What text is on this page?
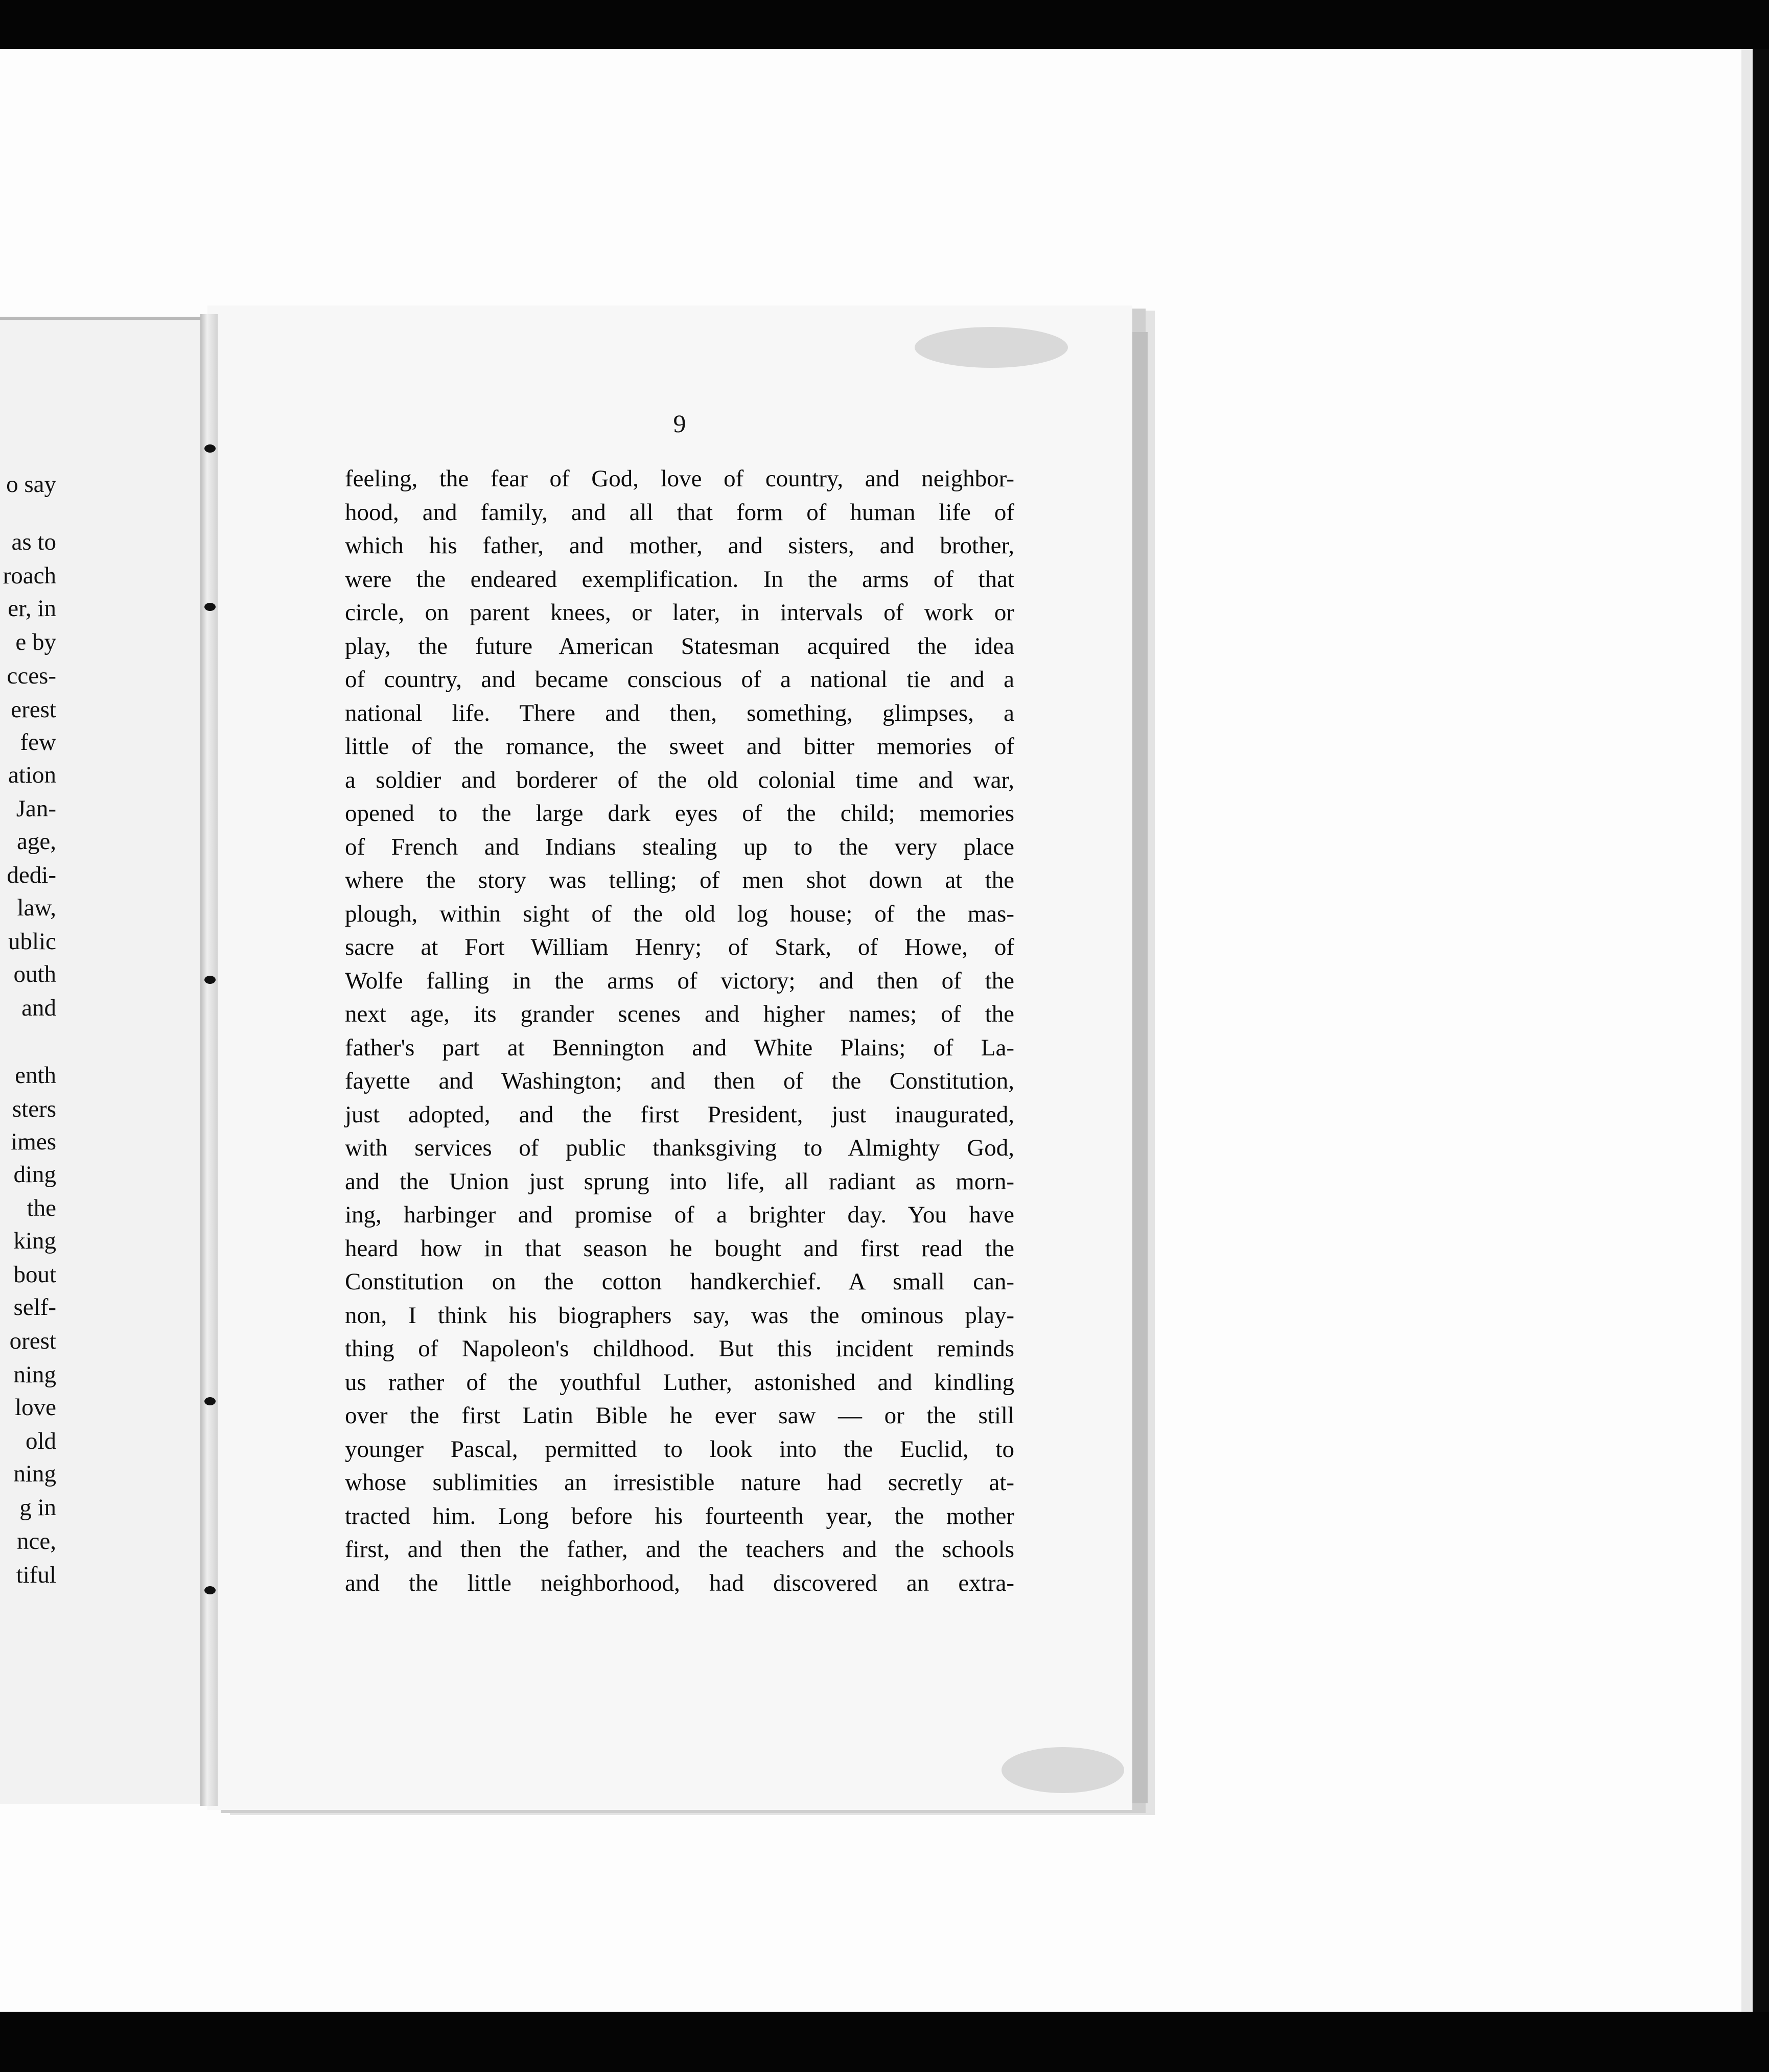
o say
as to
roach
er, in
e by
cces-
erest
few
ation
Jan-
age,
dedi-
law,
ublic
outh
and
enth
sters
imes
ding
the
king
bout
self-
orest
ning
love
old
ning
g in
nce,
tiful
9
feeling, the fear of God, love of country, and neighbor-
hood, and family, and all that form of human life of
which his father, and mother, and sisters, and brother,
were the endeared exemplification. In the arms of that
circle, on parent knees, or later, in intervals of work or
play, the future American Statesman acquired the idea
of country, and became conscious of a national tie and a
national life. There and then, something, glimpses, a
little of the romance, the sweet and bitter memories of
a soldier and borderer of the old colonial time and war,
opened to the large dark eyes of the child; memories
of French and Indians stealing up to the very place
where the story was telling; of men shot down at the
plough, within sight of the old log house; of the mas-
sacre at Fort William Henry; of Stark, of Howe, of
Wolfe falling in the arms of victory; and then of the
next age, its grander scenes and higher names; of the
father's part at Bennington and White Plains; of La-
fayette and Washington; and then of the Constitution,
just adopted, and the first President, just inaugurated,
with services of public thanksgiving to Almighty God,
and the Union just sprung into life, all radiant as morn-
ing, harbinger and promise of a brighter day. You have
heard how in that season he bought and first read the
Constitution on the cotton handkerchief. A small can-
non, I think his biographers say, was the ominous play-
thing of Napoleon's childhood. But this incident reminds
us rather of the youthful Luther, astonished and kindling
over the first Latin Bible he ever saw — or the still
younger Pascal, permitted to look into the Euclid, to
whose sublimities an irresistible nature had secretly at-
tracted him. Long before his fourteenth year, the mother
first, and then the father, and the teachers and the schools
and the little neighborhood, had discovered an extra-
